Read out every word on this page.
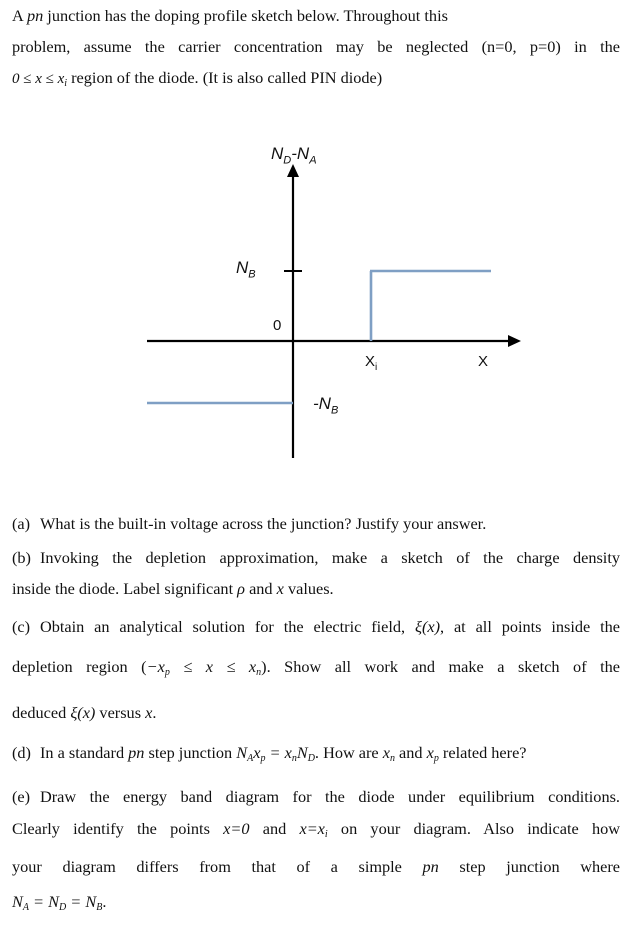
A pn junction has the doping profile sketch below. Throughout this

problem, assume the carrier concentration may be neglected (n=0, p=0) in the

$0 \le x \le x_i$ region of the diode. (It is also called PIN diode)

$N_D-N_A$
$N_B$
0
$-N_B$
$X_i$	X

(a) What is the built-in voltage across the junction? Justify your answer.

(b) Invoking the depletion approximation, make a sketch of the charge density
inside the diode. Label significant ρ and x values.
(c) Obtain an analytical solution for the electric field, ξ(x), at all points inside the
depletion region $(-x_p \le x \le x_n)$. Show all work and make a sketch of the
deduced ξ(x) versus x.

(d) In a standard pn step junction $N_Ax_p = x_nN_D$. How are $x_n$ and $x_p$ related here?

(e) Draw the energy band diagram for the diode under equilibrium conditions.
Clearly identify the points x=0 and $x=x_i$ on your diagram. Also indicate how
your diagram differs from that of a simple pn step junction where
$N_A = N_D = N_B$.
